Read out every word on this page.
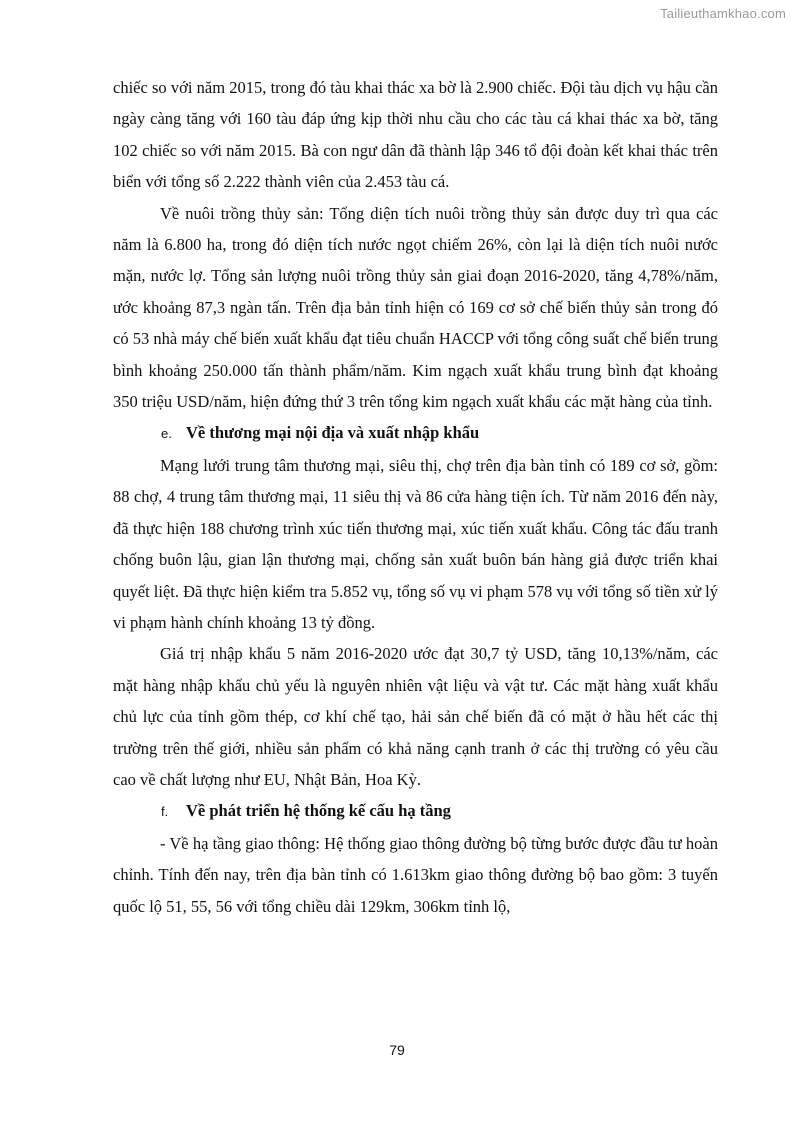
Tailieuthamkhao.com

chiếc so với năm 2015, trong đó tàu khai thác xa bờ là 2.900 chiếc. Đội tàu dịch vụ hậu cần ngày càng tăng với 160 tàu đáp ứng kịp thời nhu cầu cho các tàu cá khai thác xa bờ, tăng 102 chiếc so với năm 2015. Bà con ngư dân đã thành lập 346 tổ đội đoàn kết khai thác trên biển với tổng số 2.222 thành viên của 2.453 tàu cá.

Về nuôi trồng thủy sản: Tổng diện tích nuôi trồng thủy sản được duy trì qua các năm là 6.800 ha, trong đó diện tích nước ngọt chiếm 26%, còn lại là diện tích nuôi nước mặn, nước lợ. Tổng sản lượng nuôi trồng thủy sản giai đoạn 2016-2020, tăng 4,78%/năm, ước khoảng 87,3 ngàn tấn. Trên địa bản tỉnh hiện có 169 cơ sở chế biến thủy sản trong đó có 53 nhà máy chế biến xuất khẩu đạt tiêu chuẩn HACCP với tổng công suất chế biến trung bình khoảng 250.000 tấn thành phẩm/năm. Kim ngạch xuất khẩu trung bình đạt khoảng 350 triệu USD/năm, hiện đứng thứ 3 trên tổng kim ngạch xuất khẩu các mặt hàng của tỉnh.

e. Về thương mại nội địa và xuất nhập khẩu

Mạng lưới trung tâm thương mại, siêu thị, chợ trên địa bàn tỉnh có 189 cơ sở, gồm: 88 chợ, 4 trung tâm thương mại, 11 siêu thị và 86 cửa hàng tiện ích. Từ năm 2016 đến này, đã thực hiện 188 chương trình xúc tiến thương mại, xúc tiến xuất khẩu. Công tác đấu tranh chống buôn lậu, gian lận thương mại, chống sản xuất buôn bán hàng giả được triển khai quyết liệt. Đã thực hiện kiểm tra 5.852 vụ, tổng số vụ vi phạm 578 vụ với tổng số tiền xử lý vi phạm hành chính khoảng 13 tỷ đồng.

Giá trị nhập khẩu 5 năm 2016-2020 ước đạt 30,7 tỷ USD, tăng 10,13%/năm, các mặt hàng nhập khẩu chủ yếu là nguyên nhiên vật liệu và vật tư. Các mặt hàng xuất khẩu chủ lực của tỉnh gồm thép, cơ khí chế tạo, hải sản chế biến đã có mặt ở hầu hết các thị trường trên thế giới, nhiều sản phẩm có khả năng cạnh tranh ở các thị trường có yêu cầu cao về chất lượng như EU, Nhật Bản, Hoa Kỳ.

f.	Về phát triển hệ thống kế cấu hạ tầng

- Về hạ tầng giao thông: Hệ thống giao thông đường bộ từng bước được đầu tư hoàn chỉnh. Tính đến nay, trên địa bàn tỉnh có 1.613km giao thông đường bộ bao gồm: 3 tuyến quốc lộ 51, 55, 56 với tổng chiều dài 129km, 306km tỉnh lộ,

79
